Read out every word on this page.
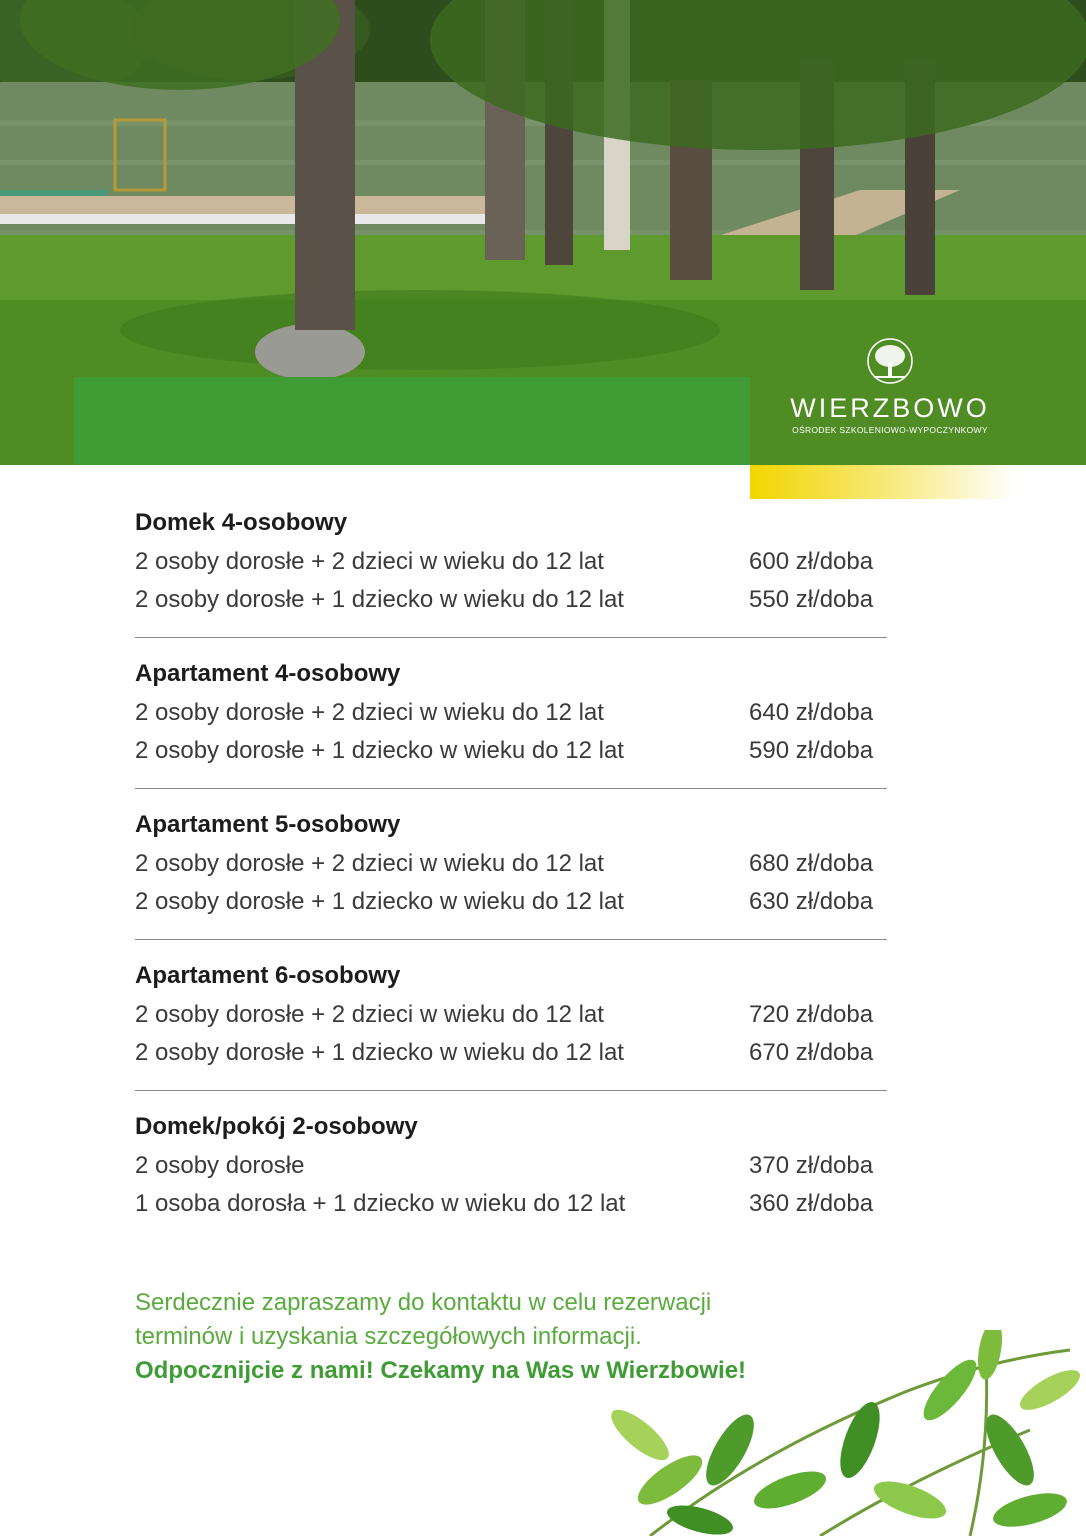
WIERZBOWO
OŚRODEK SZKOLENIOWO-WYPOCZYNKOWY
Domek 4-osobowy
2 osoby dorosłe + 2 dzieci w wieku do 12 lat	600 zł/doba
2 osoby dorosłe + 1 dziecko w wieku do 12 lat	550 zł/doba
Apartament 4-osobowy
2 osoby dorosłe + 2 dzieci w wieku do 12 lat	640 zł/doba
2 osoby dorosłe + 1 dziecko w wieku do 12 lat	590 zł/doba
Apartament 5-osobowy
2 osoby dorosłe + 2 dzieci w wieku do 12 lat	680 zł/doba
2 osoby dorosłe + 1 dziecko w wieku do 12 lat	630 zł/doba
Apartament 6-osobowy
2 osoby dorosłe + 2 dzieci w wieku do 12 lat	720 zł/doba
2 osoby dorosłe + 1 dziecko w wieku do 12 lat	670 zł/doba
Domek/pokój 2-osobowy
2 osoby dorosłe	370 zł/doba
1 osoba dorosła + 1 dziecko w wieku do 12 lat	360 zł/doba
Serdecznie zapraszamy do kontaktu w celu rezerwacji
terminów i uzyskania szczegółowych informacji.
Odpocznijcie z nami! Czekamy na Was w Wierzbowie!
